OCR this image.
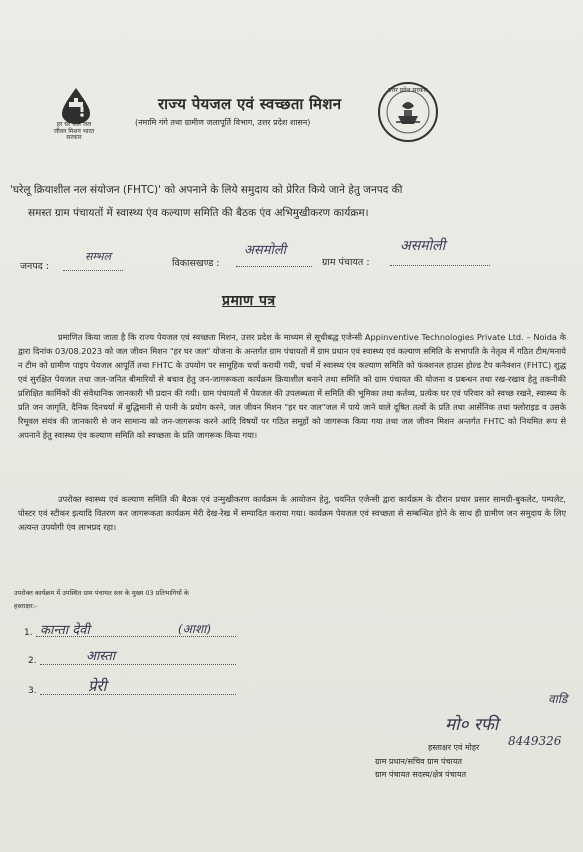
हर घर जल जल जीवन मिशन भारत सरकार
राज्य पेयजल एवं स्वच्छता मिशन
(नमामि गंगे तथा ग्रामीण जलापूर्ति विभाग, उत्तर प्रदेश शासन)
उत्तर प्रदेश सरकार
'घरेलू क्रियाशील नल संयोजन (FHTC)' को अपनाने के लिये समुदाय को प्रेरित किये जाने हेतु जनपद की
समस्त ग्राम पंचायतों में स्वास्थ्य एंव कल्याण समिति की बैठक एंव अभिमुखीकरण कार्यक्रम।
जनपद :
सम्भल
विकासखण्ड :
असमोली
ग्राम पंचायत :
असमोली
प्रमाण पत्र
प्रमाणित किया जाता है कि राज्य पेयजल एवं स्वच्छता मिशन, उत्तर प्रदेश के माध्यम से सूचीबद्ध एजेन्सी Appinventive Technologies Private Ltd. – Noida के द्वारा दिनांक 03/08.2023 को जल जीवन मिशन "हर घर जल" योजना के अन्तर्गत ग्राम पंचायतों में ग्राम प्रधान एवं स्वास्थ्य एवं कल्याण समिति के सभापति के नेतृत्व में गठित टीम/मनाये न टीम को ग्रामीण पाइप पेयजल आपूर्ति तथा FHTC के उपयोग पर सामूहिक चर्चा करायी गयी, चर्चा में स्वास्थ्य एंव कल्याण समिति को फंक्शनल हाउस होल्ड टैप कनैक्शन (FHTC) शुद्ध एवं सुरक्षित पेयजल तथा जल-जनित बीमारियों से बचाव हेतु जन-जागरूकता कार्यक्रम क्रियाशील बनाने तथा समिति को ग्राम पंचायत की योजना व प्रबन्धन तथा रख-रखाव हेतु तकनीकी प्रशिक्षित कार्मिकों की संवैधानिक जानकारी भी प्रदान की गयी। ग्राम पंचायतों में पेयजल की उपलब्धता में समिति की भूमिका तथा कर्तव्य, प्रत्येक घर एवं परिवार को स्वच्छ रखने, स्वास्थ्य के प्रति जन जागृति, दैनिक दिनचर्या में बुद्धिमानी से पानी के प्रयोग करने, जल जीवन मिशन "हर घर जल"जल में पाये जाने वाले दूषित तत्वों के प्रति तथा आर्सेनिक तथा फ्लोराइड व उसके रिमूवल संयंत्र की जानकारी से जन सामान्य को जन-जागरूक करने आदि विषयों पर गठित समूहों को जागरूक किया गया तथा जल जीवन मिशन अन्तर्गत FHTC को नियमित रूप से अपनाने हेतु स्वास्थ्य एंव कल्याण समिति को स्वच्छता के प्रति जागरूक किया गया।
उपरोक्त स्वास्थ्य एवं कल्याण समिति की बैठक एवं उन्मुखीकरण कार्यक्रम के आयोजन हेतु, चयनित एजेन्सी द्वारा कार्यक्रम के दौरान प्रचार प्रसार सामग्री-बुकलेट, पम्पलेट, पोस्टर एवं स्टीकर इत्यादि वितरण कर जागरूकता कार्यक्रम मेरी देख-रेख में सम्पादित कराया गया। कार्यक्रम पेयजल एवं स्वच्छता से सम्बन्धित होने के साथ ही ग्रामीण जन समुदाय के लिए अत्यन्त उपयोगी एंव लाभप्रद रहा।
उपरोक्त कार्यक्रम में उपस्थित ग्राम पंचायत स्तर के मुख्य 03 प्रतिभागियों के
हस्ताक्षर:-
1. कान्ता देवी	(आशा)
2.	आस्ता
3.	प्रेरी
मो० रफी
वाडि
8449326
हस्ताक्षर एवं मोहर
ग्राम प्रधान/सचिव ग्राम पंचायत
ग्राम पंचायत सदस्य/क्षेत्र पंचायत
